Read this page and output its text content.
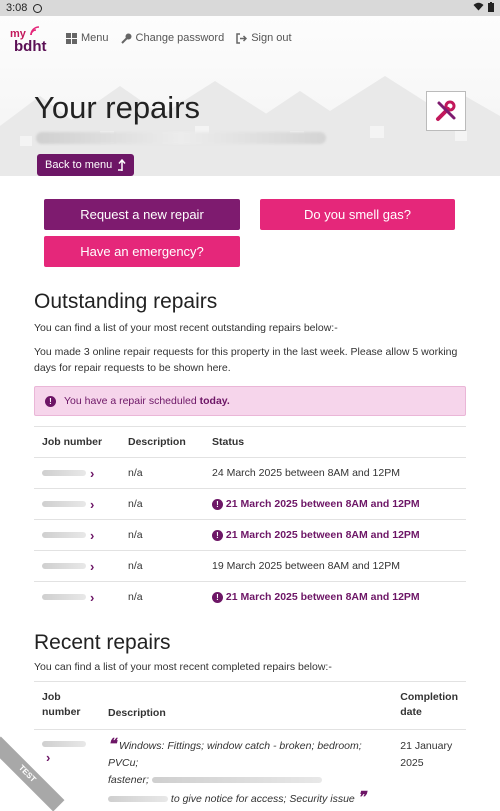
3:08
my
bdht	Menu Change password Sign out
Your repairs
Back to menu
Request a new repair	Do you smell gas?
Have an emergency?
Outstanding repairs
You can find a list of your most recent outstanding repairs below:-
You made 3 online repair requests for this property in the last week. Please allow 5 working days for repair requests to be shown here.
!	You have a repair scheduled today.
Job number	Description	Status
›	n/a	24 March 2025 between 8AM and 12PM
›	n/a	! 21 March 2025 between 8AM and 12PM
›	n/a	! 21 March 2025 between 8AM and 12PM
›	n/a	19 March 2025 between 8AM and 12PM
›	n/a	! 21 March 2025 between 8AM and 12PM
Recent repairs
You can find a list of your most recent completed repairs below:-
Job
number	Description	Completion
date
›	❝ Windows: Fittings; window catch - broken; bedroom; PVCu;
fastener;
to give notice for access; Security issue ❞	21 January
2025
TEST
